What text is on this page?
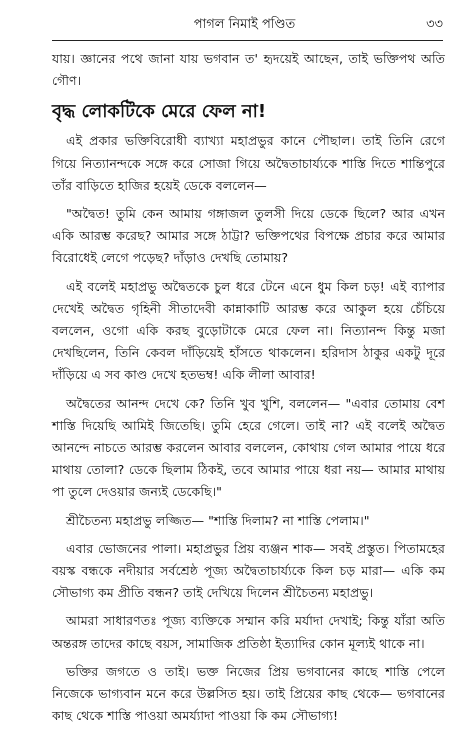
পাগল নিমাই পণ্ডিত	৩৩

যায়। জ্ঞানের পথে জানা যায় ভগবান ত' হৃদয়েই আছেন, তাই ভক্তিপথ অতি গৌণ।

বৃদ্ধ লোকটিকে মেরে ফেল না!

এই প্রকার ভক্তিবিরোধী ব্যাখ্যা মহাপ্রভুর কানে পৌছাল। তাই তিনি রেগে গিয়ে নিত্যানন্দকে সঙ্গে করে সোজা গিয়ে অদ্বৈতাচার্য্যকে শাস্তি দিতে শান্তিপুরে তাঁর বাড়িতে হাজির হয়েই ডেকে বললেন—

"অদ্বৈত! তুমি কেন আমায় গঙ্গাজল তুলসী দিয়ে ডেকে ছিলে? আর এখন একি আরম্ভ করেছ? আমার সঙ্গে ঠাট্টা? ভক্তিপথের বিপক্ষে প্রচার করে আমার বিরোধেই লেগে পড়েছ? দাঁড়াও দেখছি তোমায়?

এই বলেই মহাপ্রভু অদ্বৈতকে চুল ধরে টেনে এনে ধুম কিল চড়! এই ব্যাপার দেখেই অদ্বৈত গৃহিনী সীতাদেবী কান্নাকাটি আরম্ভ করে আকুল হয়ে চেঁচিয়ে বললেন, ওগো একি করছ বুড়োটাকে মেরে ফেল না। নিত্যানন্দ কিন্তু মজা দেখছিলেন, তিনি কেবল দাঁড়িয়েই হাঁসতে থাকলেন। হরিদাস ঠাকুর একটু দূরে দাঁড়িয়ে এ সব কাণ্ড দেখে হতভম্ব! একি লীলা আবার!

অদ্বৈতের আনন্দ দেখে কে? তিনি খুব খুশি, বললেন— "এবার তোমায় বেশ শাস্তি দিয়েছি আমিই জিতেছি। তুমি হেরে গেলে। তাই না? এই বলেই অদ্বৈত আনন্দে নাচতে আরম্ভ করলেন আবার বললেন, কোথায় গেল আমার পায়ে ধরে মাথায় তোলা? ডেকে ছিলাম ঠিকই, তবে আমার পায়ে ধরা নয়— আমার মাথায় পা তুলে দেওয়ার জন্যই ডেকেছি।"

শ্রীচৈতন্য মহাপ্রভু লজ্জিত— "শাস্তি দিলাম? না শাস্তি পেলাম।"

এবার ভোজনের পালা। মহাপ্রভুর প্রিয় ব্যঞ্জন শাক— সবই প্রস্তুত। পিতামহের বয়স্ক বন্ধকে নদীয়ার সর্বশ্রেষ্ঠ পূজ্য অদ্বৈতাচার্য্যকে কিল চড় মারা— একি কম সৌভাগ্য কম প্রীতি বন্ধন? তাই দেখিয়ে দিলেন শ্রীচৈতন্য মহাপ্রভু।

আমরা সাধারণতঃ পূজ্য ব্যক্তিকে সম্মান করি মর্যাদা দেখাই; কিন্তু যাঁরা অতি অন্তরঙ্গ তাদের কাছে বয়স, সামাজিক প্রতিষ্ঠা ইত্যাদির কোন মূল্যই থাকে না।

ভক্তির জগতে ও তাই। ভক্ত নিজের প্রিয় ভগবানের কাছে শাস্তি পেলে নিজেকে ভাগ্যবান মনে করে উল্লসিত হয়। তাই প্রিয়ের কাছ থেকে— ভগবানের কাছ থেকে শাস্তি পাওয়া অমর্য্যাদা পাওয়া কি কম সৌভাগ্য!
